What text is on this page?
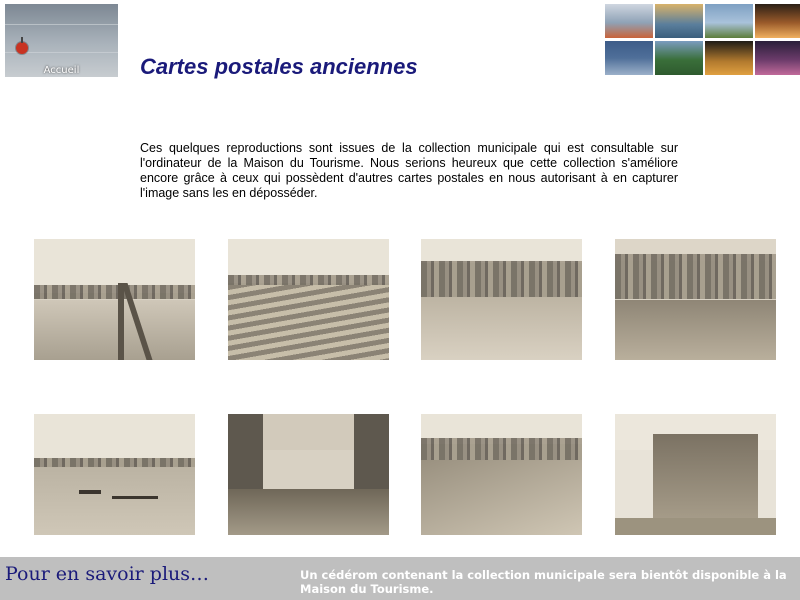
Accueil	Cartes postales anciennes
Ces quelques reproductions sont issues de la collection municipale qui est consultable sur l'ordinateur de la Maison du Tourisme. Nous serions heureux que cette collection s'améliore encore grâce à ceux qui possèdent d'autres cartes postales en nous autorisant à en capturer l'image sans les en déposséder.
Pour en savoir plus…	Un cédérom contenant la collection municipale sera bientôt disponible à la Maison du Tourisme.
